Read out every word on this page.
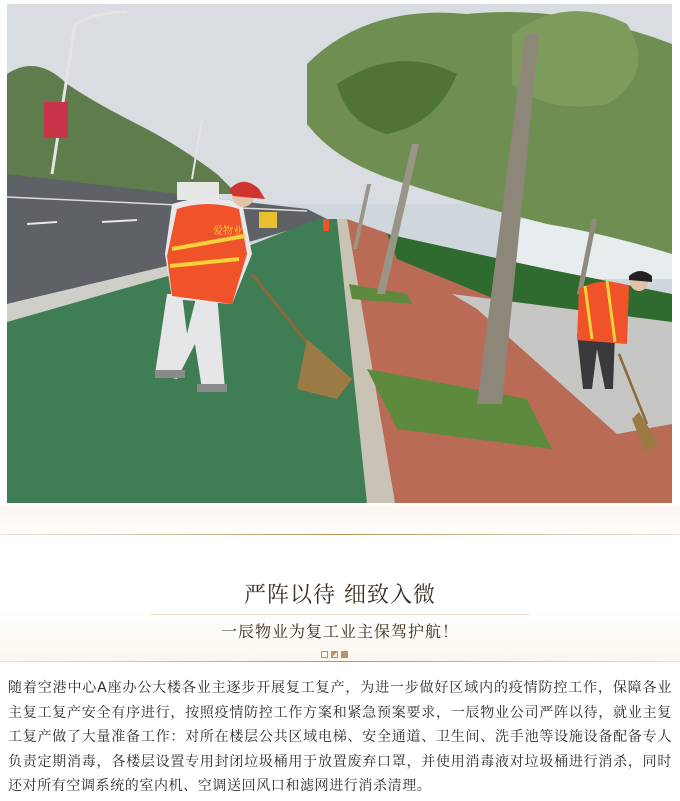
爱物业
严阵以待 细致入微
一辰物业为复工业主保驾护航！
随着空港中心A座办公大楼各业主逐步开展复工复产，为进一步做好区域内的疫情防控工作，保障各业主复工复产安全有序进行，按照疫情防控工作方案和紧急预案要求，一辰物业公司严阵以待，就业主复工复产做了大量准备工作：对所在楼层公共区域电梯、安全通道、卫生间、洗手池等设施设备配备专人负责定期消毒，各楼层设置专用封闭垃圾桶用于放置废弃口罩，并使用消毒液对垃圾桶进行消杀，同时还对所有空调系统的室内机、空调送回风口和滤网进行消杀清理。
